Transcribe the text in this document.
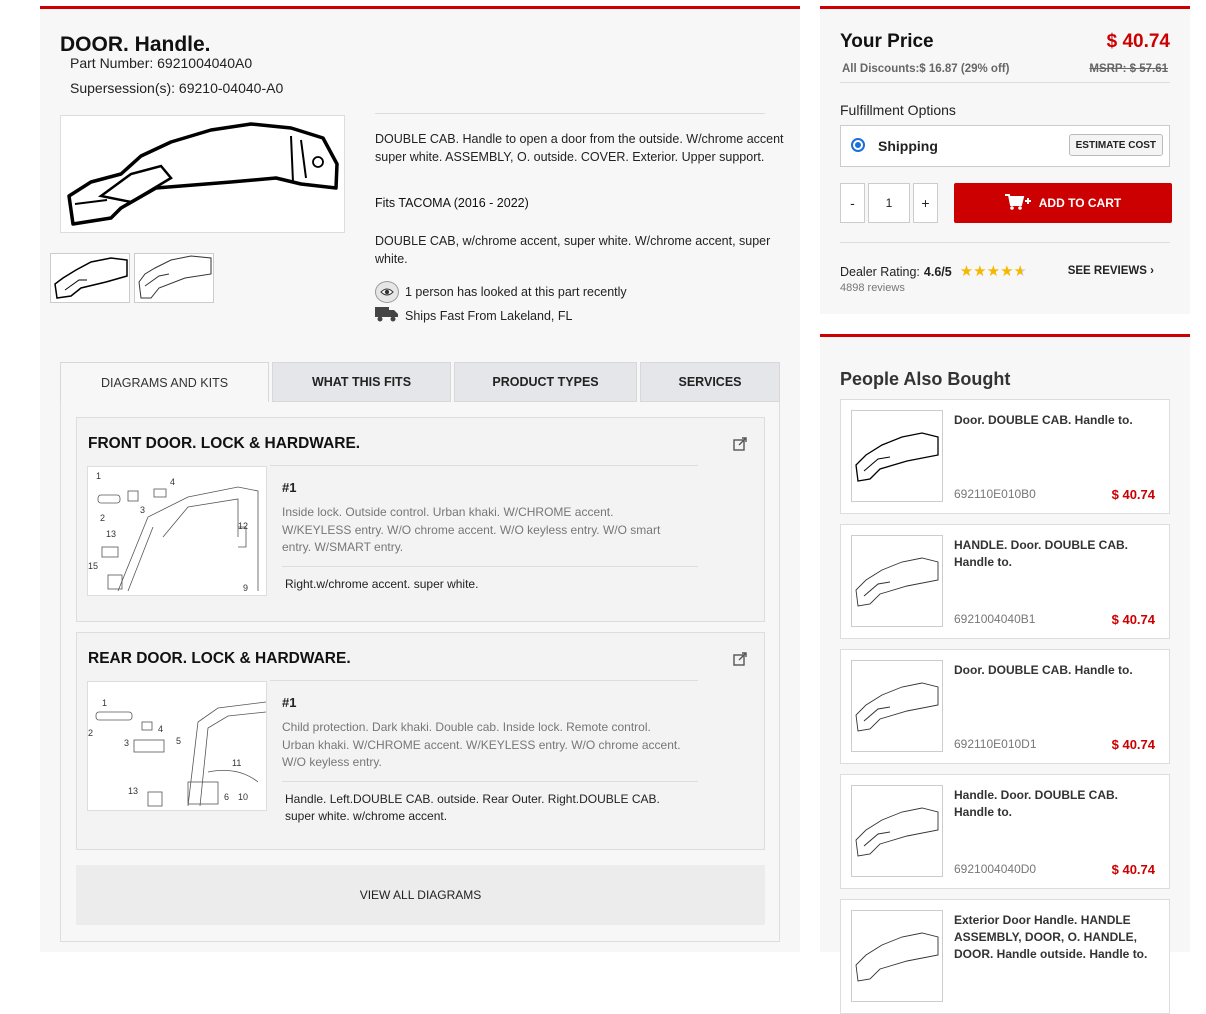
DOOR. Handle.
Part Number: 6921004040A0
Supersession(s): 69210-04040-A0
DOUBLE CAB. Handle to open a door from the outside. W/chrome accent super white. ASSEMBLY, O. outside. COVER. Exterior. Upper support.
Fits TACOMA (2016 - 2022)
DOUBLE CAB, w/chrome accent, super white. W/chrome accent, super white.
1 person has looked at this part recently
Ships Fast From Lakeland, FL
DIAGRAMS AND KITS	WHAT THIS FITS	PRODUCT TYPES	SERVICES
FRONT DOOR. LOCK & HARDWARE.
1
2
3
4
13
15
12
9
#1
Inside lock. Outside control. Urban khaki. W/CHROME accent. W/KEYLESS entry. W/O chrome accent. W/O keyless entry. W/O smart entry. W/SMART entry.
Right.w/chrome accent. super white.
REAR DOOR. LOCK & HARDWARE.
1
2
3
4
5
11
6 10
13
#1
Child protection. Dark khaki. Double cab. Inside lock. Remote control. Urban khaki. W/CHROME accent. W/KEYLESS entry. W/O chrome accent. W/O keyless entry.
Handle. Left.DOUBLE CAB. outside. Rear Outer. Right.DOUBLE CAB. super white. w/chrome accent.
VIEW ALL DIAGRAMS
Your Price	$ 40.74
All Discounts:$ 16.87 (29% off)	MSRP: $ 57.61
Fulfillment Options
Shipping	ESTIMATE COST
-
1	+	ADD TO CART
Dealer Rating: 4.6/5 ★ ★ ★ ★ ★
4898 reviews
SEE REVIEWS ›
People Also Bought
Door. DOUBLE CAB. Handle to.
692110E010B0	$ 40.74
HANDLE. Door. DOUBLE CAB. Handle to.
6921004040B1	$ 40.74
Door. DOUBLE CAB. Handle to.
692110E010D1	$ 40.74
Handle. Door. DOUBLE CAB. Handle to.
6921004040D0	$ 40.74
Exterior Door Handle. HANDLE ASSEMBLY, DOOR, O. HANDLE, DOOR. Handle outside. Handle to.
